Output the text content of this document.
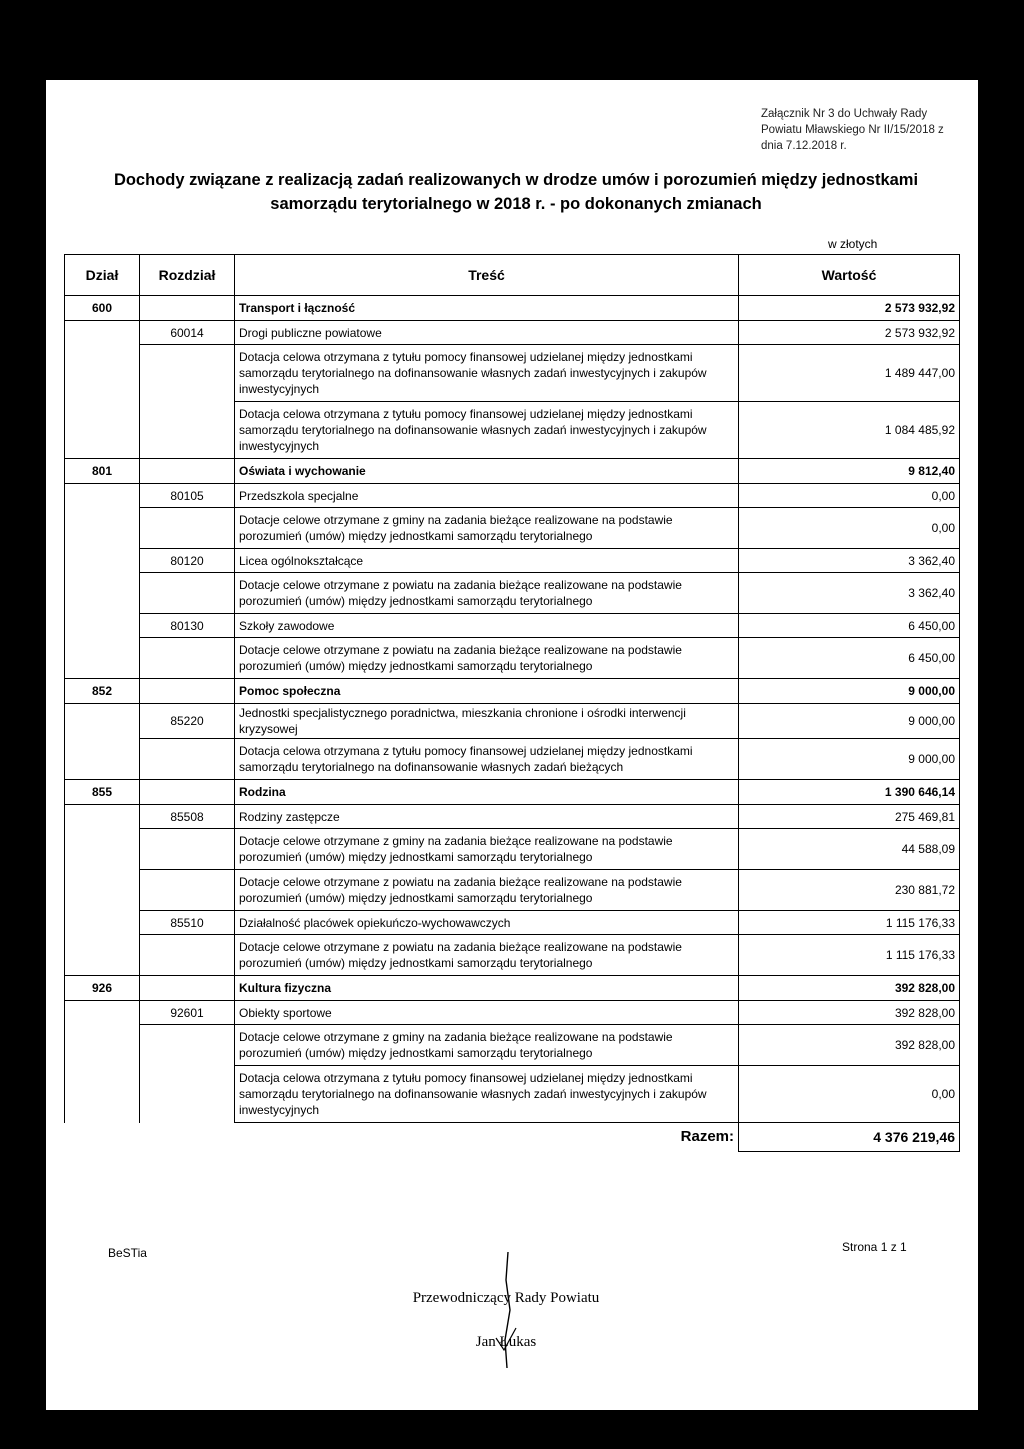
Załącznik Nr 3 do Uchwały Rady
Powiatu Mławskiego Nr II/15/2018 z
dnia 7.12.2018 r.
Dochody związane z realizacją zadań realizowanych w drodze umów i porozumień między jednostkami
samorządu terytorialnego w 2018 r. - po dokonanych zmianach
w złotych
Dział	Rozdział	Treść	Wartość
600		Transport i łączność	2 573 932,92
	60014	Drogi publiczne powiatowe	2 573 932,92
		Dotacja celowa otrzymana z tytułu pomocy finansowej udzielanej między jednostkami samorządu terytorialnego na dofinansowanie własnych zadań inwestycyjnych i zakupów inwestycyjnych	1 489 447,00
		Dotacja celowa otrzymana z tytułu pomocy finansowej udzielanej między jednostkami samorządu terytorialnego na dofinansowanie własnych zadań inwestycyjnych i zakupów inwestycyjnych	1 084 485,92
801		Oświata i wychowanie	9 812,40
	80105	Przedszkola specjalne	0,00
		Dotacje celowe otrzymane z gminy na zadania bieżące realizowane na podstawie porozumień (umów) między jednostkami samorządu terytorialnego	0,00
	80120	Licea ogólnokształcące	3 362,40
		Dotacje celowe otrzymane z powiatu na zadania bieżące realizowane na podstawie porozumień (umów) między jednostkami samorządu terytorialnego	3 362,40
	80130	Szkoły zawodowe	6 450,00
		Dotacje celowe otrzymane z powiatu na zadania bieżące realizowane na podstawie porozumień (umów) między jednostkami samorządu terytorialnego	6 450,00
852		Pomoc społeczna	9 000,00
	85220	Jednostki specjalistycznego poradnictwa, mieszkania chronione i ośrodki interwencji kryzysowej	9 000,00
		Dotacja celowa otrzymana z tytułu pomocy finansowej udzielanej między jednostkami samorządu terytorialnego na dofinansowanie własnych zadań bieżących	9 000,00
855		Rodzina	1 390 646,14
	85508	Rodziny zastępcze	275 469,81
		Dotacje celowe otrzymane z gminy na zadania bieżące realizowane na podstawie porozumień (umów) między jednostkami samorządu terytorialnego	44 588,09
		Dotacje celowe otrzymane z powiatu na zadania bieżące realizowane na podstawie porozumień (umów) między jednostkami samorządu terytorialnego	230 881,72
	85510	Działalność placówek opiekuńczo-wychowawczych	1 115 176,33
		Dotacje celowe otrzymane z powiatu na zadania bieżące realizowane na podstawie porozumień (umów) między jednostkami samorządu terytorialnego	1 115 176,33
926		Kultura fizyczna	392 828,00
	92601	Obiekty sportowe	392 828,00
		Dotacje celowe otrzymane z gminy na zadania bieżące realizowane na podstawie porozumień (umów) między jednostkami samorządu terytorialnego	392 828,00
		Dotacja celowa otrzymana z tytułu pomocy finansowej udzielanej między jednostkami samorządu terytorialnego na dofinansowanie własnych zadań inwestycyjnych i zakupów inwestycyjnych	0,00
Razem:			4 376 219,46
BeSTia	Strona 1 z 1
Przewodniczący Rady Powiatu
Jan Łukas
